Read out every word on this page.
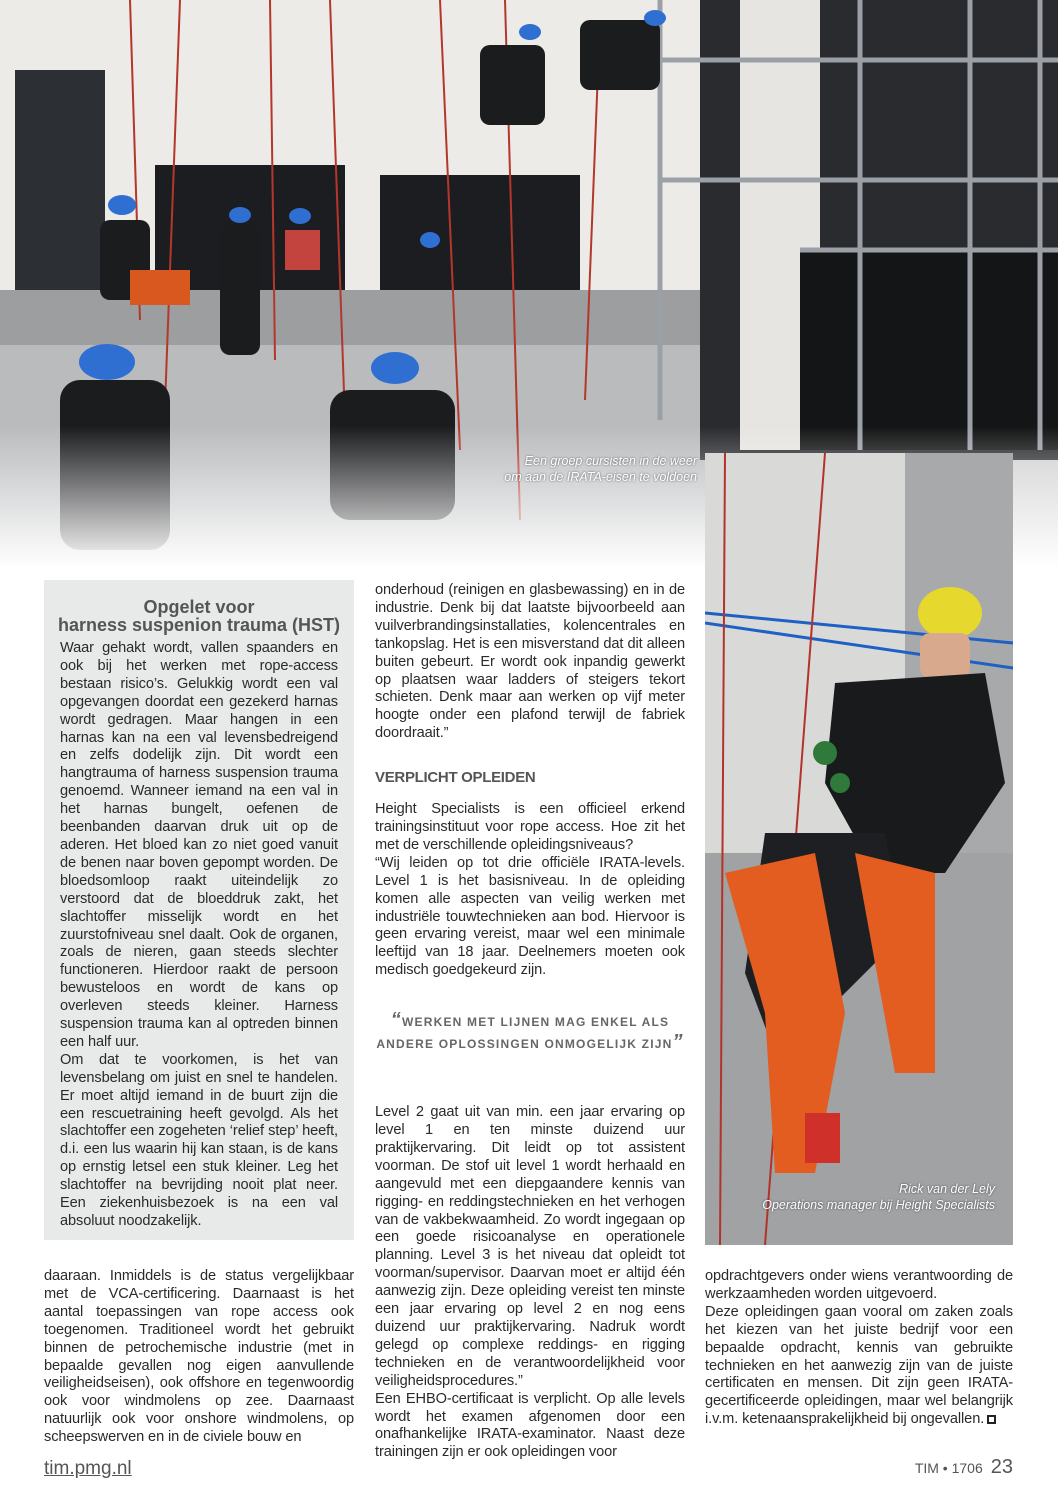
Een groep cursisten in de weer
om aan de IRATA-eisen te voldoen
Rick van der Lely
Operations manager bij Height Specialists
Opgelet voor
harness suspenion trauma (HST)

Waar gehakt wordt, vallen spaanders en ook bij het werken met rope-access bestaan risico’s. Gelukkig wordt een val opgevangen doordat een gezekerd harnas wordt gedragen. Maar hangen in een harnas kan na een val levensbedreigend en zelfs dodelijk zijn. Dit wordt een hangtrauma of harness suspension trauma genoemd. Wanneer iemand na een val in het harnas bungelt, oefenen de beenbanden daarvan druk uit op de aderen. Het bloed kan zo niet goed vanuit de benen naar boven gepompt worden. De bloedsomloop raakt uiteindelijk zo verstoord dat de bloeddruk zakt, het slachtoffer misselijk wordt en het zuurstofniveau snel daalt. Ook de organen, zoals de nieren, gaan steeds slechter functioneren. Hierdoor raakt de persoon bewusteloos en wordt de kans op overleven steeds kleiner. Harness suspension trauma kan al optreden binnen een half uur.

Om dat te voorkomen, is het van levensbelang om juist en snel te handelen. Er moet altijd iemand in de buurt zijn die een rescuetraining heeft gevolgd. Als het slachtoffer een zogeheten ‘relief step’ heeft, d.i. een lus waarin hij kan staan, is de kans op ernstig letsel een stuk kleiner. Leg het slachtoffer na bevrijding nooit plat neer. Een ziekenhuisbezoek is na een val absoluut noodzakelijk.

daaraan. Inmiddels is de status vergelijkbaar met de VCA-certificering. Daarnaast is het aantal toepassingen van rope access ook toegenomen. Traditioneel wordt het gebruikt binnen de petrochemische industrie (met in bepaalde gevallen nog eigen aanvullende veiligheidseisen), ook offshore en tegenwoordig ook voor windmolens op zee. Daarnaast natuurlijk ook voor onshore windmolens, op scheepswerven en in de civiele bouw en

onderhoud (reinigen en glasbewassing) en in de industrie. Denk bij dat laatste bijvoorbeeld aan vuilverbrandingsinstallaties, kolencentrales en tankopslag. Het is een misverstand dat dit alleen buiten gebeurt. Er wordt ook inpandig gewerkt op plaatsen waar ladders of steigers tekort schieten. Denk maar aan werken op vijf meter hoogte onder een plafond terwijl de fabriek doordraait.”

VERPLICHT OPLEIDEN

Height Specialists is een officieel erkend trainingsinstituut voor rope access. Hoe zit het met de verschillende opleidingsniveaus?

“Wij leiden op tot drie officiële IRATA-levels. Level 1 is het basisniveau. In de opleiding komen alle aspecten van veilig werken met industriële touwtechnieken aan bod. Hiervoor is geen ervaring vereist, maar wel een minimale leeftijd van 18 jaar. Deelnemers moeten ook medisch goedgekeurd zijn.

“WERKEN MET LIJNEN MAG ENKEL ALS
ANDERE OPLOSSINGEN ONMOGELIJK ZIJN”

Level 2 gaat uit van min. een jaar ervaring op level 1 en ten minste duizend uur praktijkervaring. Dit leidt op tot assistent voorman. De stof uit level 1 wordt herhaald en aangevuld met een diepgaandere kennis van rigging- en reddingstechnieken en het verhogen van de vakbekwaamheid. Zo wordt ingegaan op een goede risicoanalyse en operationele planning. Level 3 is het niveau dat opleidt tot voorman/supervisor. Daarvan moet er altijd één aanwezig zijn. Deze opleiding vereist ten minste een jaar ervaring op level 2 en nog eens duizend uur praktijkervaring. Nadruk wordt gelegd op complexe reddings- en rigging technieken en de verantwoordelijkheid voor veiligheidsprocedures.”

Een EHBO-certificaat is verplicht. Op alle levels wordt het examen afgenomen door een onafhankelijke IRATA-examinator. Naast deze trainingen zijn er ook opleidingen voor

opdrachtgevers onder wiens verantwoording de werkzaamheden worden uitgevoerd.

Deze opleidingen gaan vooral om zaken zoals het kiezen van het juiste bedrijf voor een bepaalde opdracht, kennis van gebruikte technieken en het aanwezig zijn van de juiste certificaten en mensen. Dit zijn geen IRATA-gecertificeerde opleidingen, maar wel belangrijk i.v.m. ketenaansprakelijkheid bij ongevallen.

tim.pmg.nl	TIM • 1706 23
